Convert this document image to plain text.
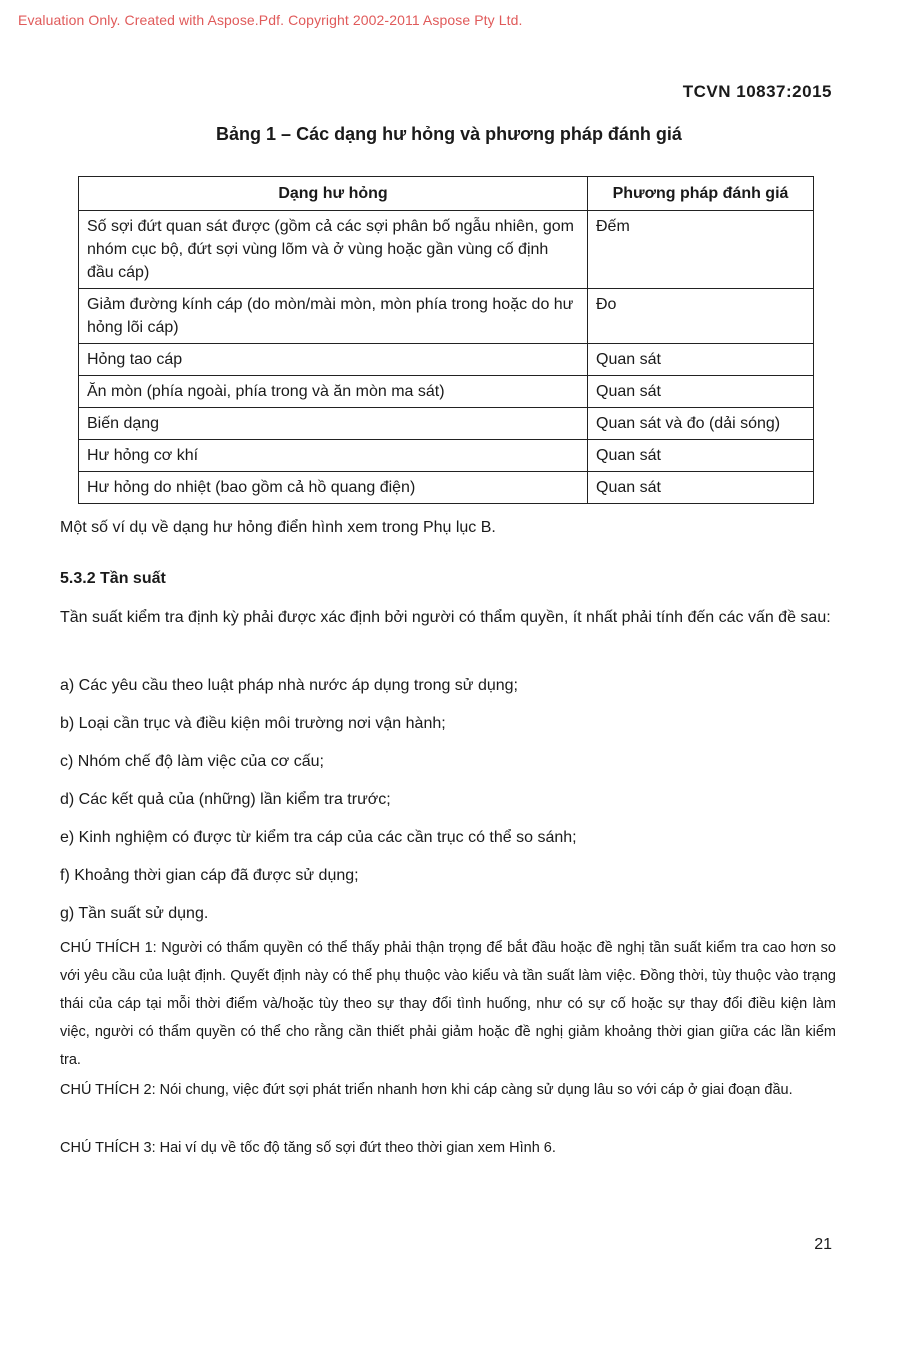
Evaluation Only. Created with Aspose.Pdf. Copyright 2002-2011 Aspose Pty Ltd.
TCVN 10837:2015
Bảng 1 – Các dạng hư hỏng và phương pháp đánh giá
Dạng hư hỏng	Phương pháp đánh giá
Số sợi đứt quan sát được (gồm cả các sợi phân bố ngẫu nhiên, gom nhóm cục bộ, đứt sợi vùng lõm và ở vùng hoặc gần vùng cố định đầu cáp)	Đếm
Giảm đường kính cáp (do mòn/mài mòn, mòn phía trong hoặc do hư hỏng lõi cáp)	Đo
Hỏng tao cáp	Quan sát
Ăn mòn (phía ngoài, phía trong và ăn mòn ma sát)	Quan sát
Biến dạng	Quan sát và đo (dải sóng)
Hư hỏng cơ khí	Quan sát
Hư hỏng do nhiệt (bao gồm cả hồ quang điện)	Quan sát
Một số ví dụ về dạng hư hỏng điển hình xem trong Phụ lục B.
5.3.2 Tần suất
Tần suất kiểm tra định kỳ phải được xác định bởi người có thẩm quyền, ít nhất phải tính đến các vấn đề sau:
a) Các yêu cầu theo luật pháp nhà nước áp dụng trong sử dụng;
b) Loại cần trục và điều kiện môi trường nơi vận hành;
c) Nhóm chế độ làm việc của cơ cấu;
d) Các kết quả của (những) lần kiểm tra trước;
e) Kinh nghiệm có được từ kiểm tra cáp của các cần trục có thể so sánh;
f) Khoảng thời gian cáp đã được sử dụng;
g) Tần suất sử dụng.
CHÚ THÍCH 1: Người có thẩm quyền có thể thấy phải thận trọng để bắt đầu hoặc đề nghị tần suất kiểm tra cao hơn so với yêu cầu của luật định. Quyết định này có thể phụ thuộc vào kiểu và tần suất làm việc. Đồng thời, tùy thuộc vào trạng thái của cáp tại mỗi thời điểm và/hoặc tùy theo sự thay đổi tình huống, như có sự cố hoặc sự thay đổi điều kiện làm việc, người có thẩm quyền có thể cho rằng cần thiết phải giảm hoặc đề nghị giảm khoảng thời gian giữa các lần kiểm tra.
CHÚ THÍCH 2: Nói chung, việc đứt sợi phát triển nhanh hơn khi cáp càng sử dụng lâu so với cáp ở giai đoạn đầu.
CHÚ THÍCH 3: Hai ví dụ về tốc độ tăng số sợi đứt theo thời gian xem Hình 6.
21
